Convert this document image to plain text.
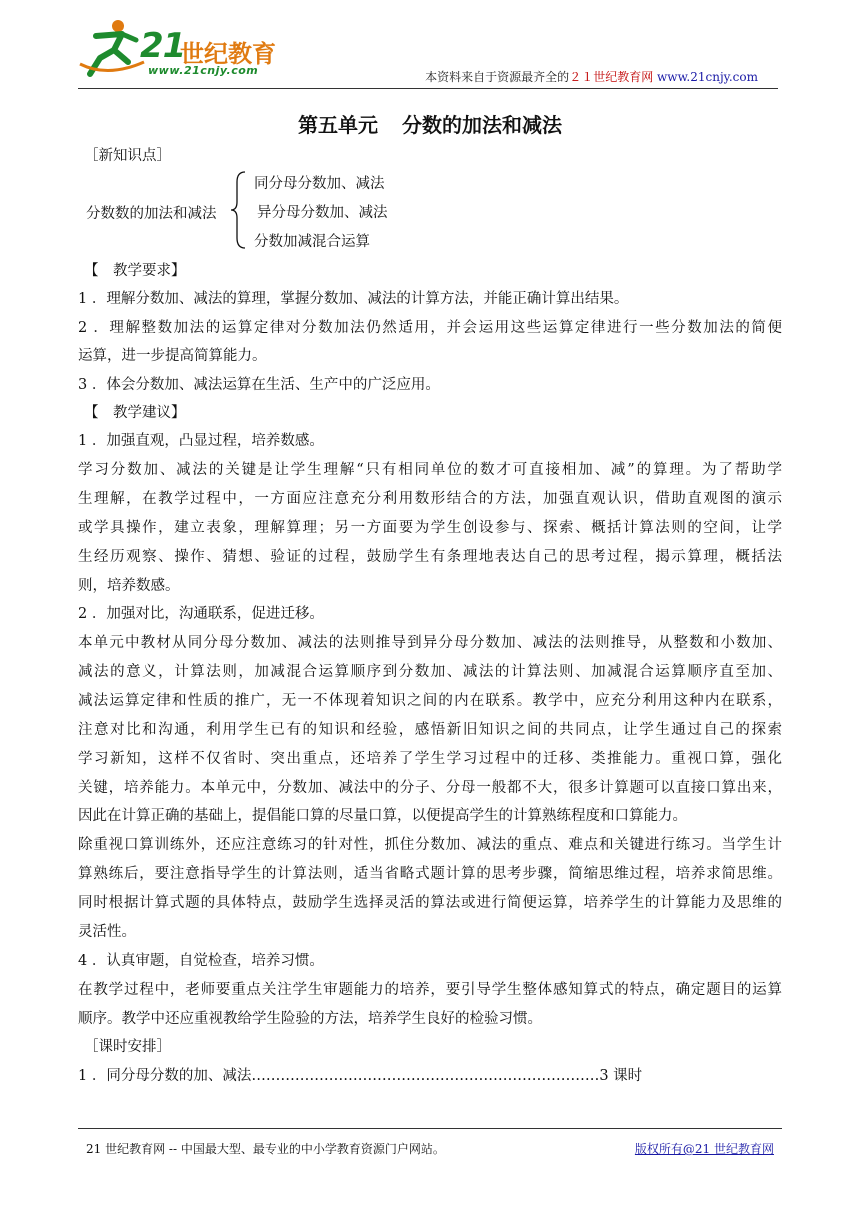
21
世纪教育
www.21cnjy.com	本资料来自于资源最齐全的２１世纪教育网 www.21cnjy.com
第五单元 分数的加法和减法
［新知识点］
分数数的加法和减法
同分母分数加、减法
异分母分数加、减法
分数加减混合运算
【　教学要求】
1 ．理解分数加、减法的算理，掌握分数加、减法的计算方法，并能正确计算出结果。
2 ．理解整数加法的运算定律对分数加法仍然适用，并会运用这些运算定律进行一些分数加法的简便
运算，进一步提高简算能力。
3 ．体会分数加、减法运算在生活、生产中的广泛应用。
【　教学建议】
1 ．加强直观，凸显过程，培养数感。
学习分数加、减法的关键是让学生理解“只有相同单位的数才可直接相加、减”的算理。为了帮助学
生理解，在教学过程中，一方面应注意充分利用数形结合的方法，加强直观认识，借助直观图的演示
或学具操作，建立表象，理解算理；另一方面要为学生创设参与、探索、概括计算法则的空间，让学
生经历观察、操作、猜想、验证的过程，鼓励学生有条理地表达自己的思考过程，揭示算理，概括法
则，培养数感。
2 ．加强对比，沟通联系，促进迁移。
本单元中教材从同分母分数加、减法的法则推导到异分母分数加、减法的法则推导，从整数和小数加、
减法的意义，计算法则，加减混合运算顺序到分数加、减法的计算法则、加减混合运算顺序直至加、
减法运算定律和性质的推广，无一不体现着知识之间的内在联系。教学中，应充分利用这种内在联系，
注意对比和沟通，利用学生已有的知识和经验，感悟新旧知识之间的共同点，让学生通过自己的探索
学习新知，这样不仅省时、突出重点，还培养了学生学习过程中的迁移、类推能力。重视口算，强化
关键，培养能力。本单元中，分数加、减法中的分子、分母一般都不大，很多计算题可以直接口算出来，
因此在计算正确的基础上，提倡能口算的尽量口算，以便提高学生的计算熟练程度和口算能力。
除重视口算训练外，还应注意练习的针对性，抓住分数加、减法的重点、难点和关键进行练习。当学生计
算熟练后，要注意指导学生的计算法则，适当省略式题计算的思考步骤，简缩思维过程，培养求简思维。
同时根据计算式题的具体特点，鼓励学生选择灵活的算法或进行简便运算，培养学生的计算能力及思维的
灵活性。
4 ．认真审题，自觉检查，培养习惯。
在教学过程中，老师要重点关注学生审题能力的培养，要引导学生整体感知算式的特点，确定题目的运算
顺序。教学中还应重视教给学生险验的方法，培养学生良好的检验习惯。
［课时安排］
1 ．同分母分数的加、减法………………………………………………………………3 课时
21 世纪教育网 -- 中国最大型、最专业的中小学教育资源门户网站。	版权所有@21 世纪教育网
